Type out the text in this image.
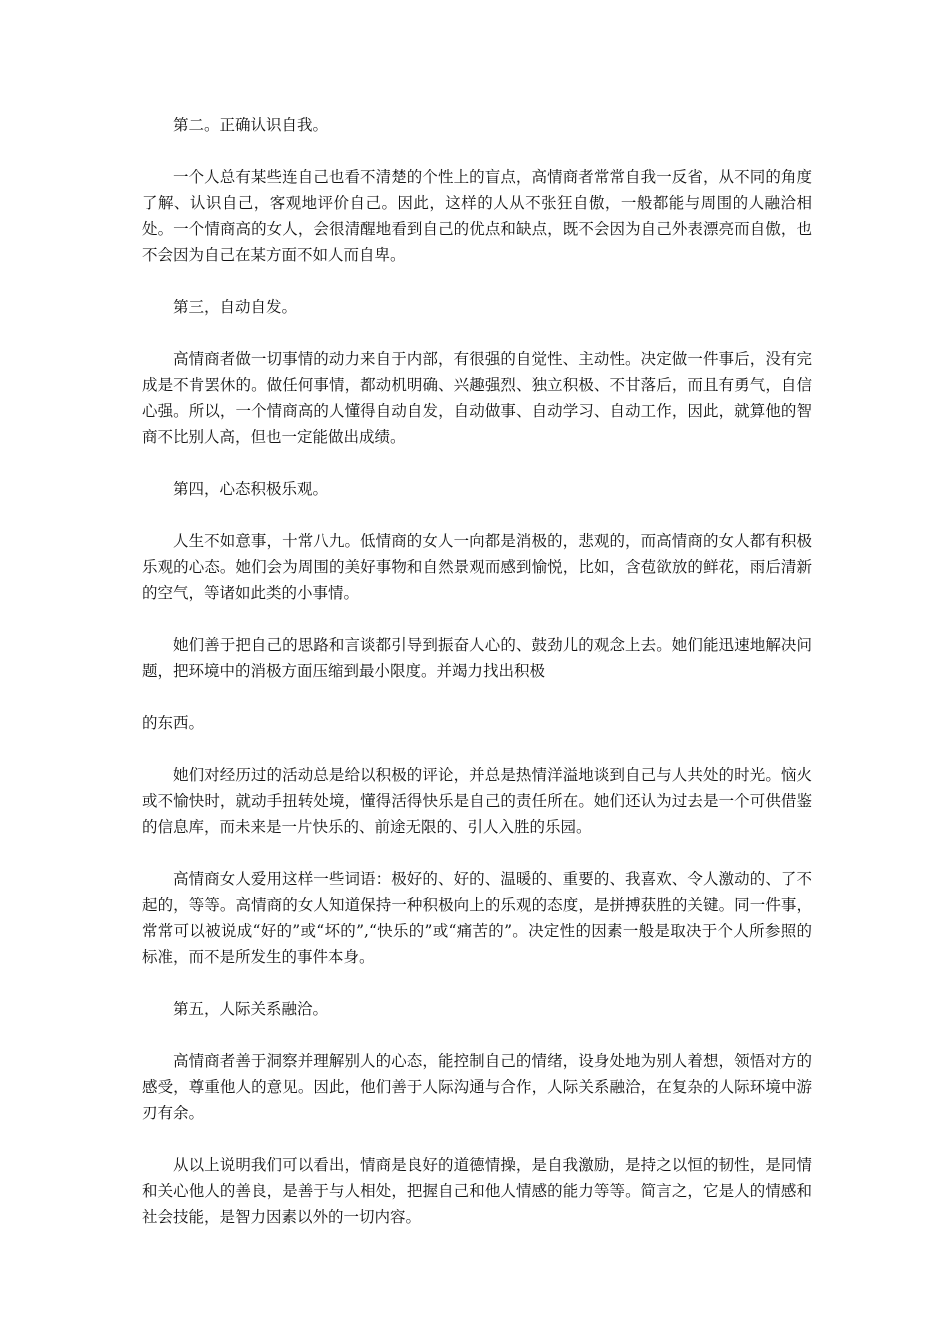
第二。正确认识自我。

一个人总有某些连自己也看不清楚的个性上的盲点，高情商者常常自我一反省，从不同的角度了解、认识自己，客观地评价自己。因此，这样的人从不张狂自傲，一般都能与周围的人融洽相处。一个情商高的女人，会很清醒地看到自己的优点和缺点，既不会因为自己外表漂亮而自傲，也不会因为自己在某方面不如人而自卑。

第三，自动自发。

高情商者做一切事情的动力来自于内部，有很强的自觉性、主动性。决定做一件事后，没有完成是不肯罢休的。做任何事情，都动机明确、兴趣强烈、独立积极、不甘落后，而且有勇气，自信心强。所以，一个情商高的人懂得自动自发，自动做事、自动学习、自动工作，因此，就算他的智商不比别人高，但也一定能做出成绩。

第四，心态积极乐观。

人生不如意事，十常八九。低情商的女人一向都是消极的，悲观的，而高情商的女人都有积极乐观的心态。她们会为周围的美好事物和自然景观而感到愉悦，比如，含苞欲放的鲜花，雨后清新的空气，等诸如此类的小事情。

她们善于把自己的思路和言谈都引导到振奋人心的、鼓劲儿的观念上去。她们能迅速地解决问题，把环境中的消极方面压缩到最小限度。并竭力找出积极

的东西。

她们对经历过的活动总是给以积极的评论，并总是热情洋溢地谈到自己与人共处的时光。恼火或不愉快时，就动手扭转处境，懂得活得快乐是自己的责任所在。她们还认为过去是一个可供借鉴的信息库，而未来是一片快乐的、前途无限的、引人入胜的乐园。

高情商女人爱用这样一些词语：极好的、好的、温暖的、重要的、我喜欢、令人激动的、了不起的，等等。高情商的女人知道保持一种积极向上的乐观的态度，是拼搏获胜的关键。同一件事，常常可以被说成“好的”或“坏的”,“快乐的”或“痛苦的”。决定性的因素一般是取决于个人所参照的标准，而不是所发生的事件本身。

第五，人际关系融洽。

高情商者善于洞察并理解别人的心态，能控制自己的情绪，设身处地为别人着想，领悟对方的感受，尊重他人的意见。因此，他们善于人际沟通与合作，人际关系融洽，在复杂的人际环境中游刃有余。

从以上说明我们可以看出，情商是良好的道德情操，是自我激励，是持之以恒的韧性，是同情和关心他人的善良，是善于与人相处，把握自己和他人情感的能力等等。简言之，它是人的情感和社会技能，是智力因素以外的一切内容。
